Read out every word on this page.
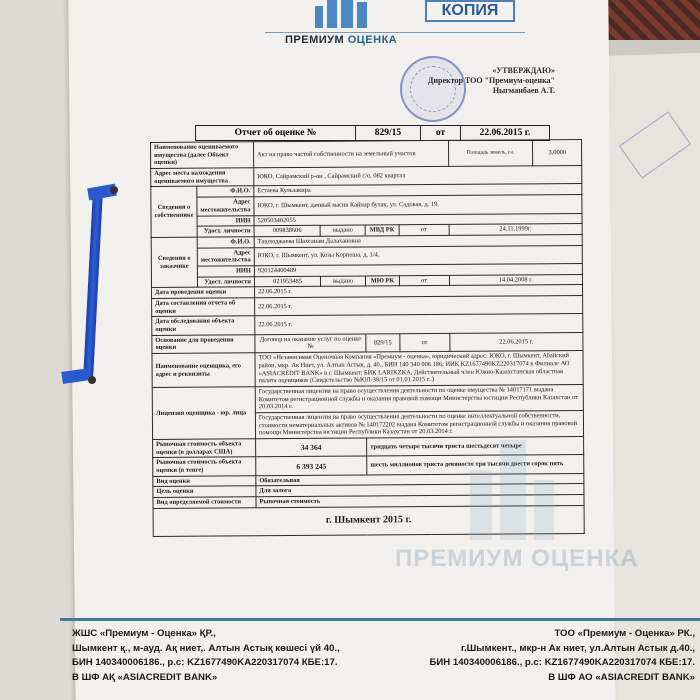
ПРЕМИУМ ОЦЕНКА
КОПИЯ
«УТВЕРЖДАЮ»
Директор ТОО "Премиум-оценка"
Ныгманбаев А.Т.
Отчет об оценке №	829/15	от	22.06.2015 г.
Наименование оцениваемого имущества (далее Объект оценки)		Акт на право частой собственности на земельный участок				Площадь земель, га.	3,0000
Адрес места нахождения оцениваемого имущества		ЮКО, Сайрамский р-он , Сайрамский с/о, 082 квартал					
Сведения о собственнике	Ф.И.О.	Естаева Кульзакира					
	Адрес местожительства	ЮКО, г. Шымкент, дачный масив Кайнар булак, ул. Садовая, д. 19.					
	ИИН	520503402055					
	Удост. личности	009838606	выдано	МВД РК	от	24.11.1999г.	
Сведения о заказчике	Ф.И.О.	Ташходжаева Шахсанам Далахановна					
	Адрес местожительства	ЮКО, г. Шымкент, ул. Козы Корпеша, д. 1/4.					
	ИИН	920124400489					
	Удост. личности	021953485	выдано	МЮ РК	от	14.04.2008 г.	
Дата проведения оценки		22.06.2015 г.					
Дата составления отчета об оценки		22.06.2015 г.					
Дата обследования объекта оценки		22.06.2015 г.					
Основание для проведения оценки		Договор на оказание услуг по оценке №		829/15	от	22.06.2015 г.	
Наименование оценщика, его адрес и реквизиты		ТОО «Независимая Оценочная Компания «Премиум - оценка», юридический адрес: ЮКО, г. Шымкент, Абайский район, мкр. Ак Ниет, ул. Алтын Астык, д. 40., БИН 140 340 006 186; ИИК KZ1677490KZ220317074 в Филиале АО «ASIACREDIT BANK» в г. Шымкент; БИК LARIKZKA, Действительный член Южно-Казахстанская областная палата оценщиков (Свидетельство №ЮЛ-38/15 от 01.01.2015 г..)					
Лицензия оценщика - юр. лица		Государственная лицензия на право осуществления деятельности по оценке имущества № 14017171 выдана Комитетом регистрационной службы и оказания правовой помощи Министерства юстиции Республики Казахстан от 20.03.2014 г.					
		Государственная лицензия на право осуществления деятельности по оценке интеллектуальной собственности, стоимости нематериальных активов № 140172202 выдана Комитетом регистрационной службы и оказания правовой помощи Министерства юстиции Республики Казахстан от 20.03.2014 г.					
Рыночная стоимость объекта оценки (в долларах США)		34 364		тридцать четыре тысячи триста шестьдесят четыре			
Рыночная стоимость объекта оценки (в тенге)		6 393 245		шесть миллионов триста девяносто три тысячи двести сорок пять			
Вид оценки		Обязательная					
Цель оценки		Для залога					
Вид определяемой стоимости		Рыночная стоимость					
г. Шымкент 2015 г.							
ПРЕМИУМ ОЦЕНКА
ЖШС «Премиум - Оценка» ҚР.,
Шымкент қ., м-ауд. Ақ ниет,. Алтын Астық көшесі үй 40.,
БИН 140340006186., р.с: KZ1677490KA220317074 КБЕ:17.
В ШФ АҚ «ASIACREDIT BANK»
ТОО «Премиум - Оценка» РК.,
г.Шымкент., мкр-н Ак ниет, ул.Алтын Астык д.40.,
БИН 140340006186., р.с: KZ1677490KA220317074 КБЕ:17.
В ШФ АО «ASIACREDIT BANK»
